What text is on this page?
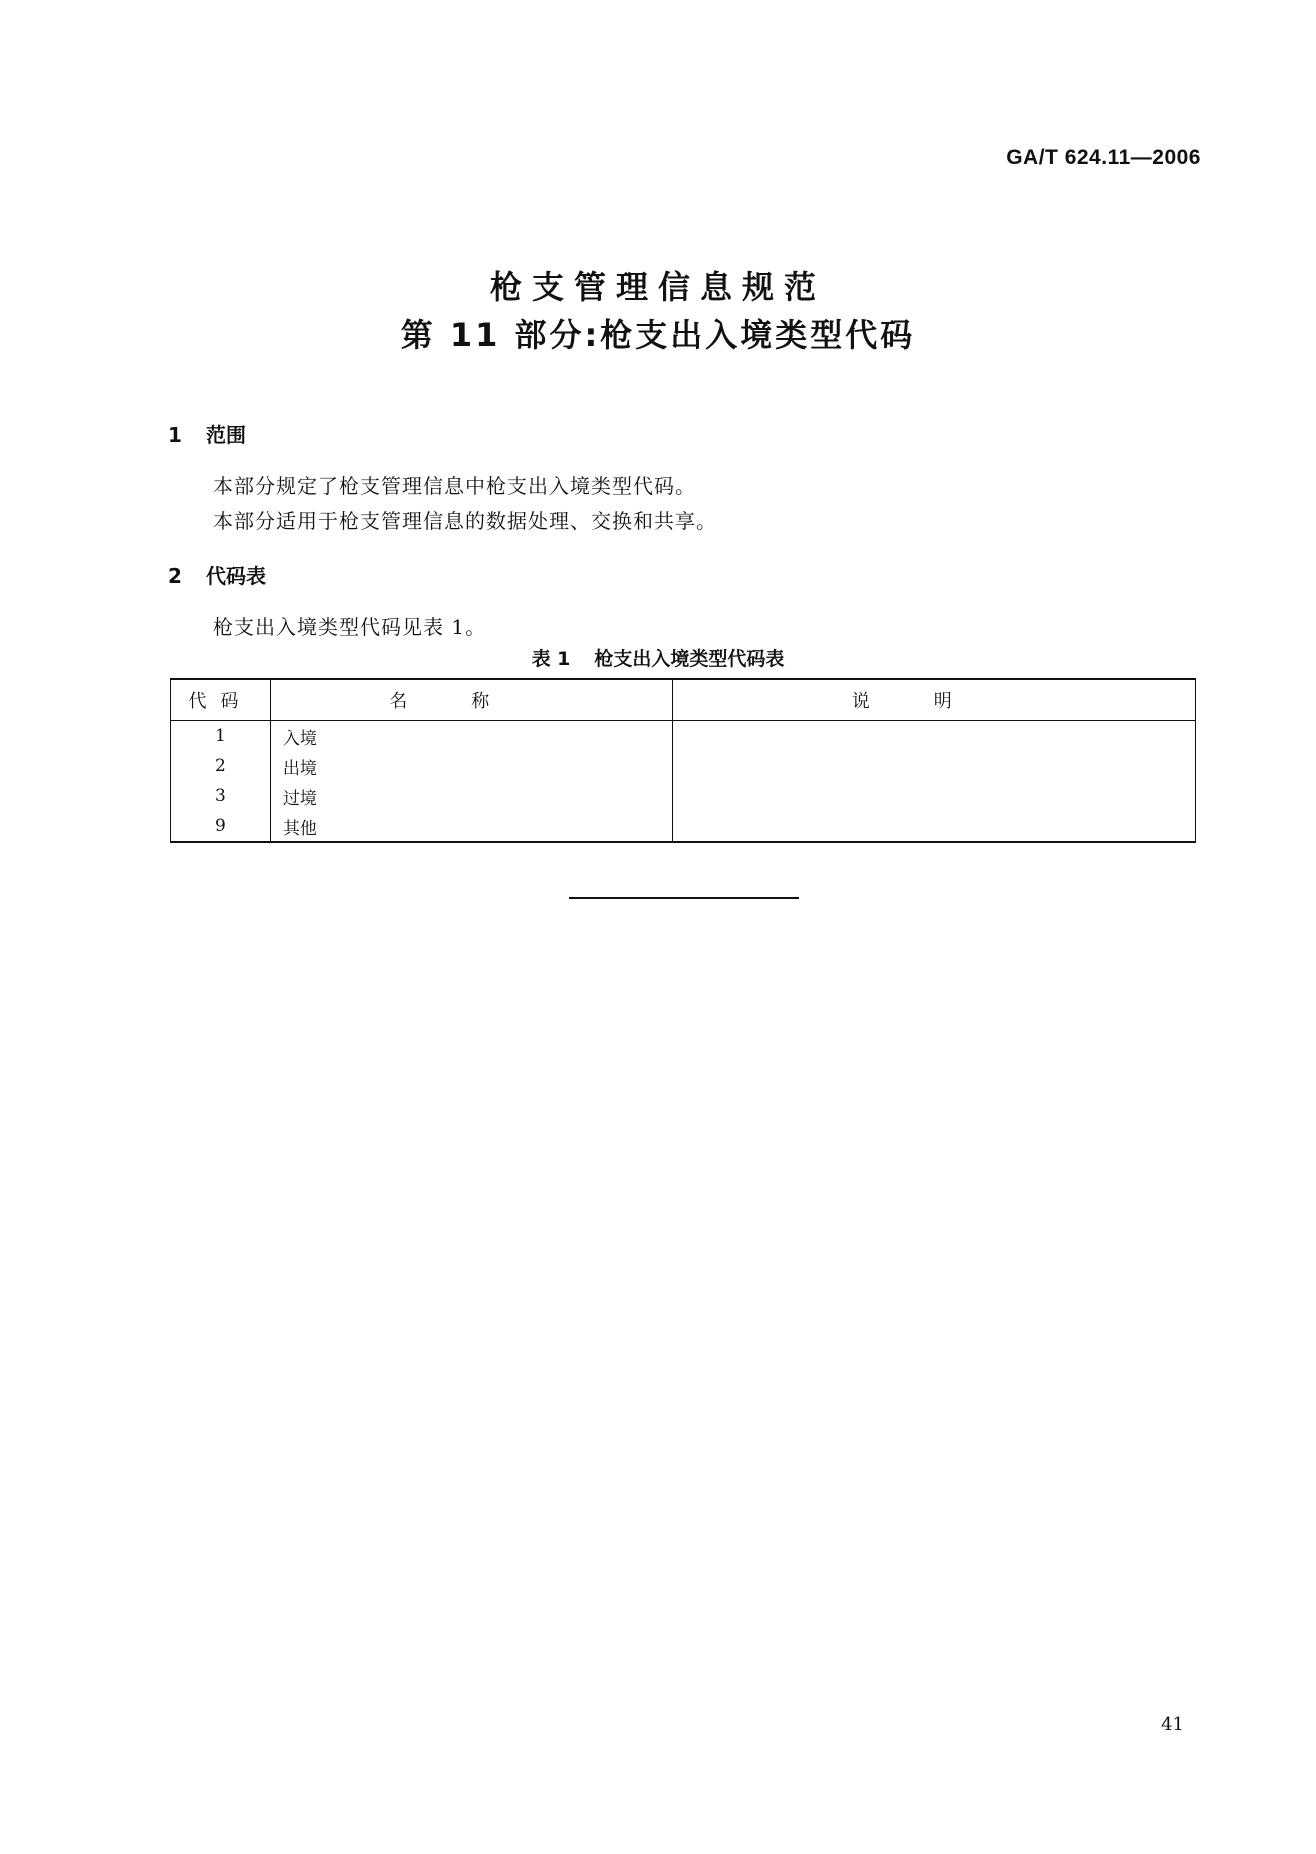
GA/T 624.11—2006
枪支管理信息规范
第 11 部分:枪支出入境类型代码
1 范围
本部分规定了枪支管理信息中枪支出入境类型代码。
本部分适用于枪支管理信息的数据处理、交换和共享。
2 代码表
枪支出入境类型代码见表 1。
表 1 枪支出入境类型代码表
代码	名称	说明
1	入境	
2	出境	
3	过境	
9	其他	
41
